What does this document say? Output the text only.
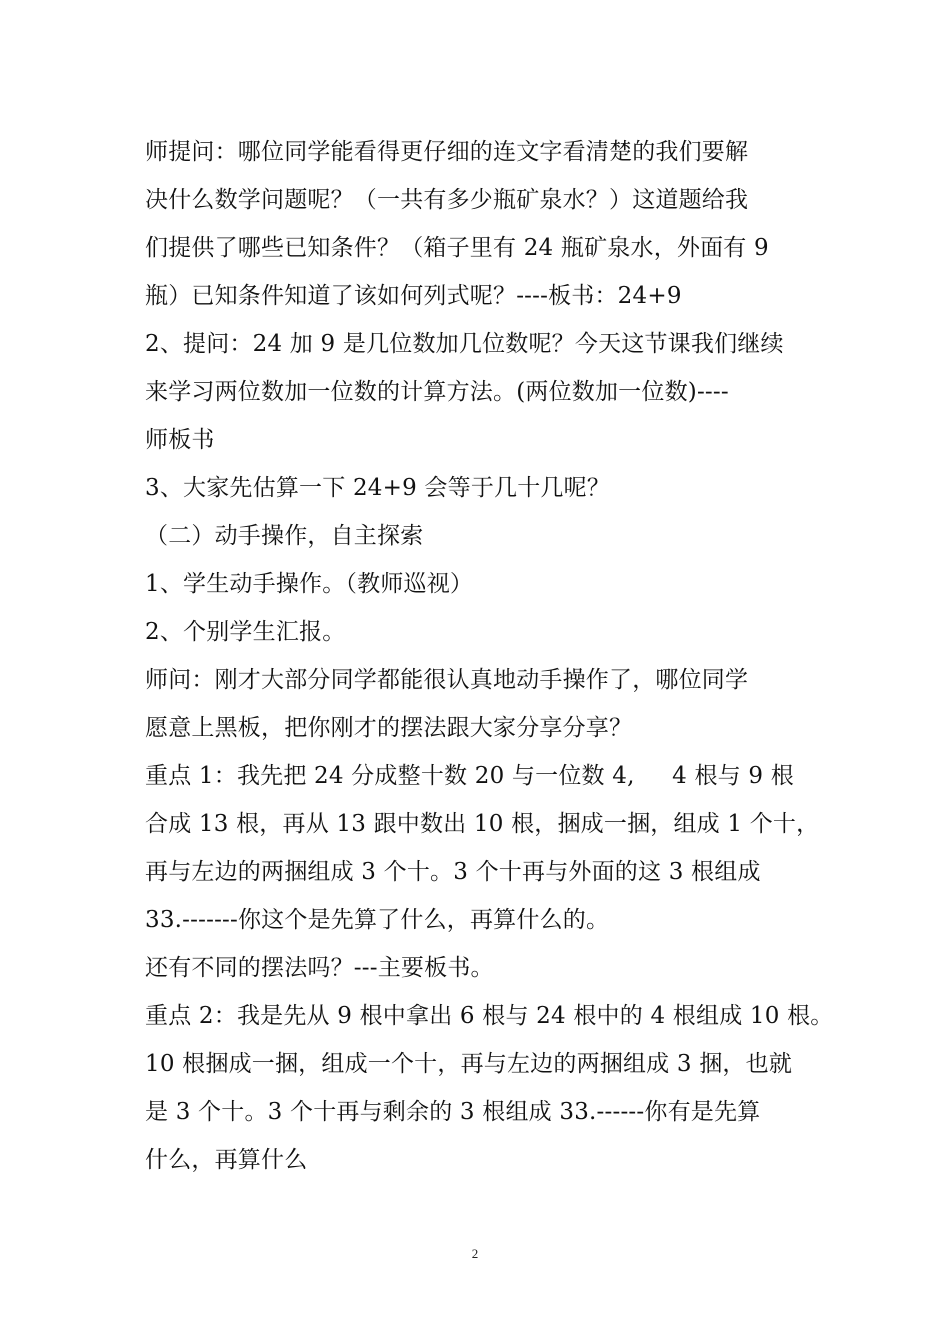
师提问：哪位同学能看得更仔细的连文字看清楚的我们要解
决什么数学问题呢？（一共有多少瓶矿泉水？）这道题给我
们提供了哪些已知条件？（箱子里有 24 瓶矿泉水，外面有 9
瓶）已知条件知道了该如何列式呢？----板书：24+9
2、提问：24 加 9 是几位数加几位数呢？今天这节课我们继续
来学习两位数加一位数的计算方法。(两位数加一位数)----
师板书
3、大家先估算一下 24+9 会等于几十几呢？
（二）动手操作，自主探索
1、学生动手操作。（教师巡视）
2、个别学生汇报。
师问：刚才大部分同学都能很认真地动手操作了，哪位同学
愿意上黑板，把你刚才的摆法跟大家分享分享？
重点 1：我先把 24 分成整十数 20 与一位数 4,     4 根与 9 根
合成 13 根，再从 13 跟中数出 10 根，捆成一捆，组成 1 个十，
再与左边的两捆组成 3 个十。3 个十再与外面的这 3 根组成
33.-------你这个是先算了什么，再算什么的。
还有不同的摆法吗？---主要板书。
重点 2：我是先从 9 根中拿出 6 根与 24 根中的 4 根组成 10 根。
10 根捆成一捆，组成一个十，再与左边的两捆组成 3 捆，也就
是 3 个十。3 个十再与剩余的 3 根组成 33.------你有是先算
什么，再算什么
2
